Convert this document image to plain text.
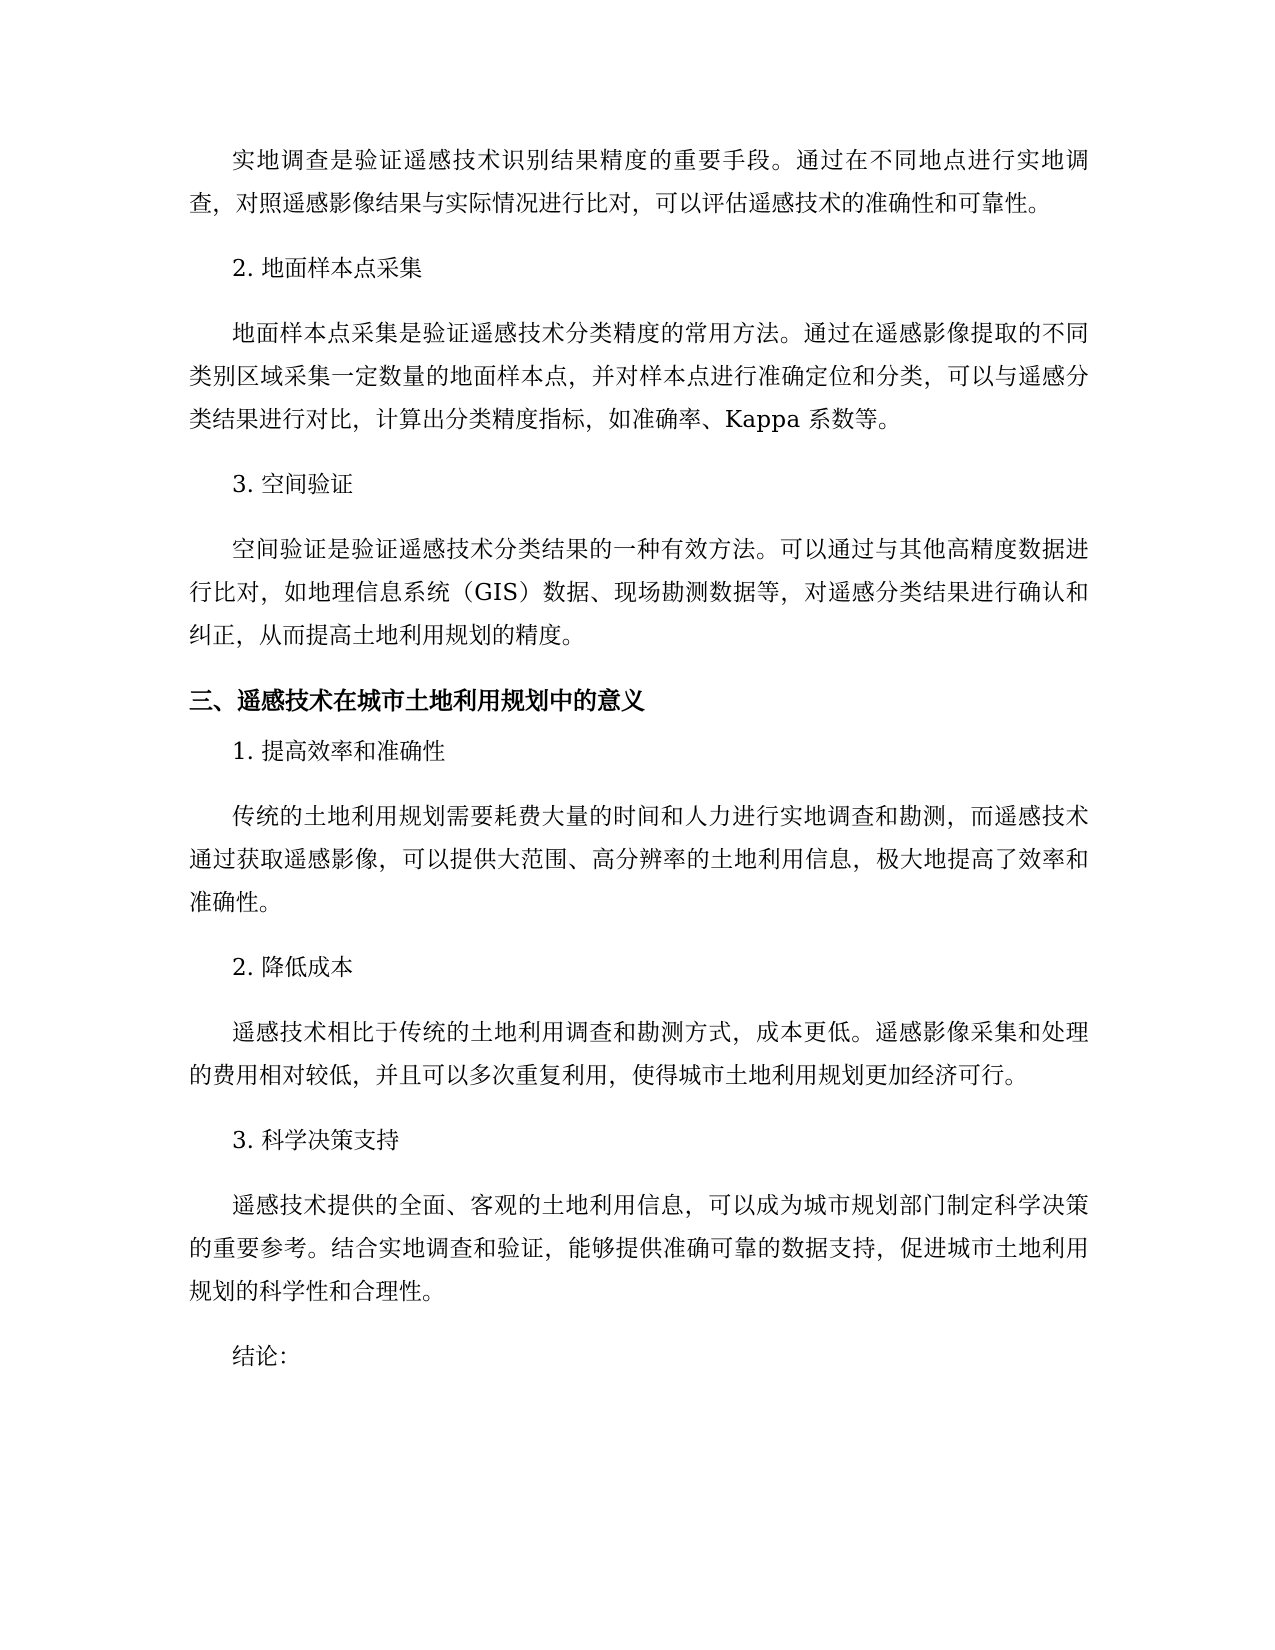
实地调查是验证遥感技术识别结果精度的重要手段。通过在不同地点进行实地调查，对照遥感影像结果与实际情况进行比对，可以评估遥感技术的准确性和可靠性。

2. 地面样本点采集

地面样本点采集是验证遥感技术分类精度的常用方法。通过在遥感影像提取的不同类别区域采集一定数量的地面样本点，并对样本点进行准确定位和分类，可以与遥感分类结果进行对比，计算出分类精度指标，如准确率、Kappa 系数等。

3. 空间验证

空间验证是验证遥感技术分类结果的一种有效方法。可以通过与其他高精度数据进行比对，如地理信息系统（GIS）数据、现场勘测数据等，对遥感分类结果进行确认和纠正，从而提高土地利用规划的精度。

三、遥感技术在城市土地利用规划中的意义

1. 提高效率和准确性

传统的土地利用规划需要耗费大量的时间和人力进行实地调查和勘测，而遥感技术通过获取遥感影像，可以提供大范围、高分辨率的土地利用信息，极大地提高了效率和准确性。

2. 降低成本

遥感技术相比于传统的土地利用调查和勘测方式，成本更低。遥感影像采集和处理的费用相对较低，并且可以多次重复利用，使得城市土地利用规划更加经济可行。

3. 科学决策支持

遥感技术提供的全面、客观的土地利用信息，可以成为城市规划部门制定科学决策的重要参考。结合实地调查和验证，能够提供准确可靠的数据支持，促进城市土地利用规划的科学性和合理性。

结论：
